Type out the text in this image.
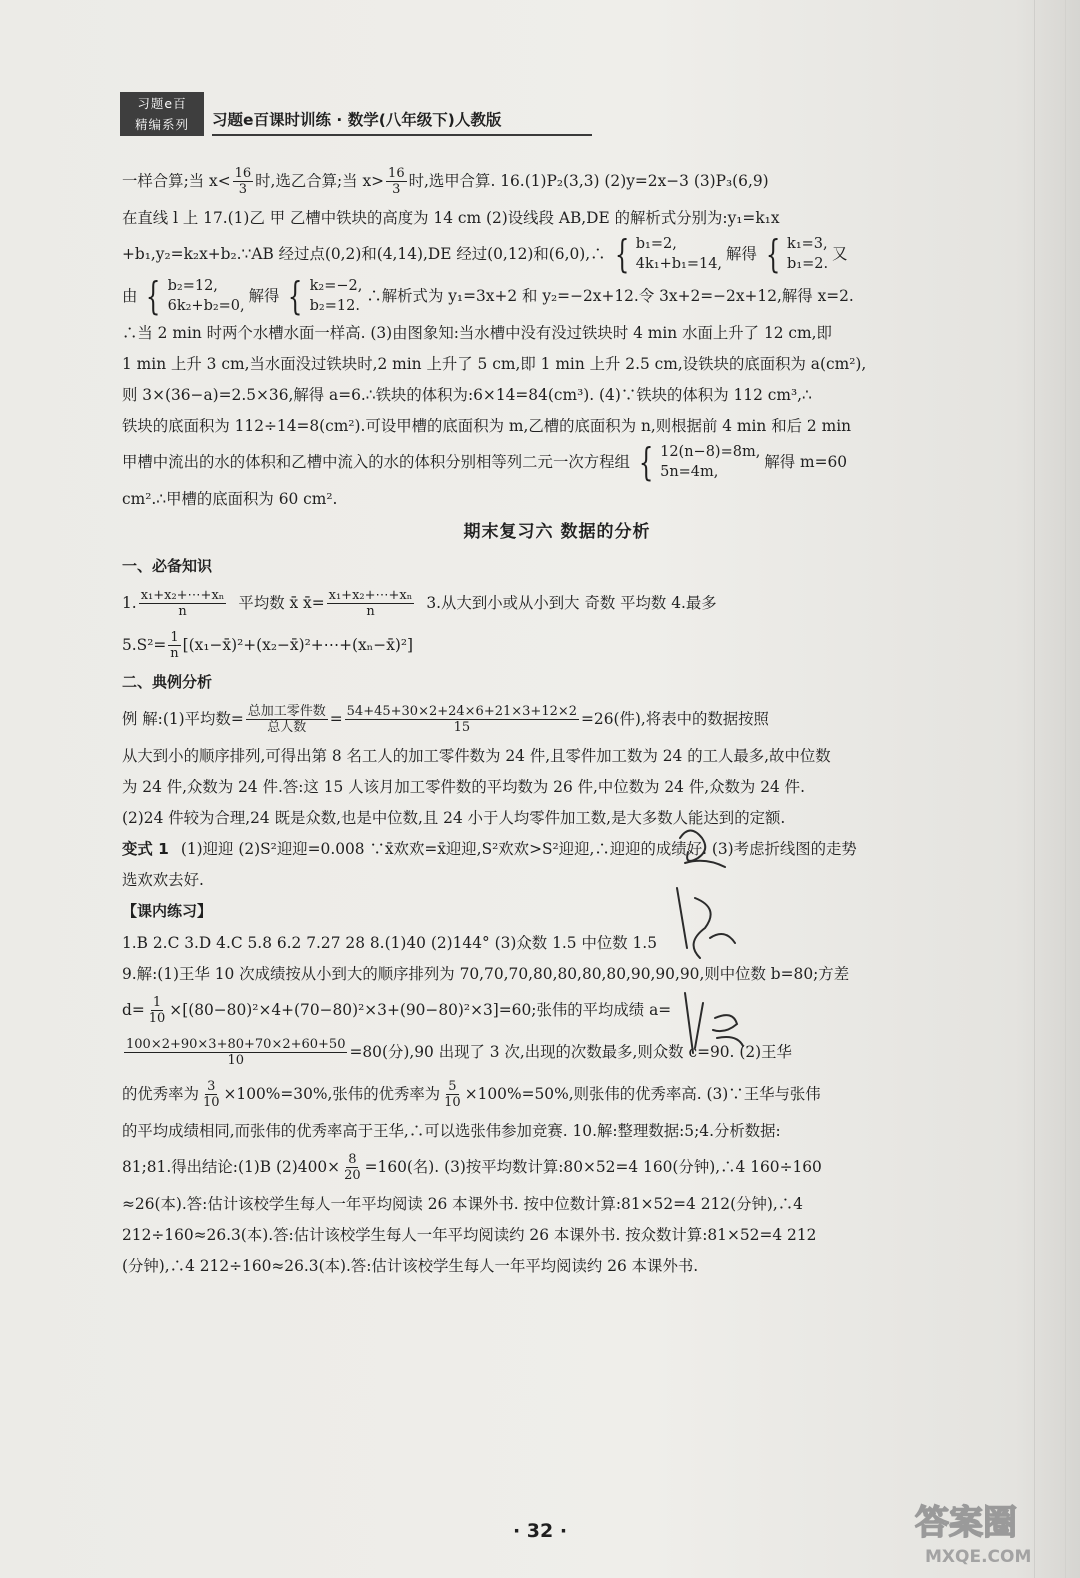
习题e百
精编系列	习题e百课时训练 · 数学(八年级下)人教版
一样合算;当 $x< \frac{16}{3}$ 时,选乙合算;当 $x> \frac{16}{3}$ 时,选甲合算. 16.(1)P₂(3,3) (2)y=2x−3 (3)P₃(6,9)
在直线 l 上 17.(1)乙 甲 乙槽中铁块的高度为 14 cm (2)设线段 AB,DE 的解析式分别为:y₁=k₁x
+b₁,y₂=k₂x+b₂.∵AB 经过点(0,2)和(4,14),DE 经过(0,12)和(6,0),∴ { b₁=2,
4k₁+b₁=14,
解得 { k₁=3,
b₁=2.
又
由 { b₂=12,
6k₂+b₂=0,
解得 { k₂=−2,
b₂=12.
∴解析式为 y₁=3x+2 和 y₂=−2x+12.令 3x+2=−2x+12,解得 x=2.
∴当 2 min 时两个水槽水面一样高. (3)由图象知:当水槽中没有没过铁块时 4 min 水面上升了 12 cm,即
1 min 上升 3 cm,当水面没过铁块时,2 min 上升了 5 cm,即 1 min 上升 2.5 cm,设铁块的底面积为 a(cm²),
则 3×(36−a)=2.5×36,解得 a=6.∴铁块的体积为:6×14=84(cm³). (4)∵铁块的体积为 112 cm³,∴
铁块的底面积为 112÷14=8(cm²).可设甲槽的底面积为 m,乙槽的底面积为 n,则根据前 4 min 和后 2 min
甲槽中流出的水的体积和乙槽中流入的水的体积分别相等列二元一次方程组 { 12(n−8)=8m,
5n=4m,
解得 m=60
cm².∴甲槽的底面积为 60 cm².
期末复习六 数据的分析
一、必备知识
1. $\frac{\text{x₁+x₂+⋯+xₙ}}{n}$ 平均数 x̄ x̄= $\frac{\text{x₁+x₂+⋯+xₙ}}{n} 3$.从大到小或从小到大 奇数 平均数 4.最多
$5.S^2= \frac{1}{n}$ [(x₁−x̄)²+(x₂−x̄)²+⋯+(xₙ−x̄)²]
二、典例分析
例 解:(1)平均数= $\frac{\text{总加工零件数}}{\text{总人数}} = \frac{54+45+30\times 2+24\times 6+21\times 3+12\times 2}{15} =26$(件),将表中的数据按照
从大到小的顺序排列,可得出第 8 名工人的加工零件数为 24 件,且零件加工数为 24 的工人最多,故中位数
为 24 件,众数为 24 件.答:这 15 人该月加工零件数的平均数为 26 件,中位数为 24 件,众数为 24 件.
(2)24 件较为合理,24 既是众数,也是中位数,且 24 小于人均零件加工数,是大多数人能达到的定额.
变式 1 (1)迎迎 (2)S²迎迎=0.008 ∵x̄欢欢=x̄迎迎,S²欢欢>S²迎迎,∴迎迎的成绩好. (3)考虑折线图的走势
选欢欢去好.
【课内练习】
1.B 2.C 3.D 4.C 5.8 6.2 7.27 28 8.(1)40 (2)144° (3)众数 1.5 中位数 1.5
9.解:(1)王华 10 次成绩按从小到大的顺序排列为 70,70,70,80,80,80,80,90,90,90,则中位数 b=80;方差
$d= \frac{1}{10} \times[(80-80)^2\times 4+(70-80)^2\times 3+(90-80)^2\times 3]=60$;张伟的平均成绩 a=
$\frac{100\times 2+90\times 3+80+70\times 2+60+50}{10} =80$(分),90 出现了 3 次,出现的次数最多,则众数 c=90. (2)王华
的优秀率为 $\frac{3}{10} \times 100\%=30\%$,张伟的优秀率为 $\frac{5}{10} \times 100\%=50\%$,则张伟的优秀率高. (3)∵王华与张伟
的平均成绩相同,而张伟的优秀率高于王华,∴可以选张伟参加竞赛. 10.解:整理数据:5;4.分析数据:
81;81.得出结论:(1)B $(2)400\times \frac{8}{20} =160$(名). (3)按平均数计算:80×52=4 160(分钟),∴4 160÷160
≈26(本).答:估计该校学生每人一年平均阅读 26 本课外书. 按中位数计算:81×52=4 212(分钟),∴4
212÷160≈26.3(本).答:估计该校学生每人一年平均阅读约 26 本课外书. 按众数计算:81×52=4 212
(分钟),∴4 212÷160≈26.3(本).答:估计该校学生每人一年平均阅读约 26 本课外书.
· 32 ·	答案圈
MXQE.COM
